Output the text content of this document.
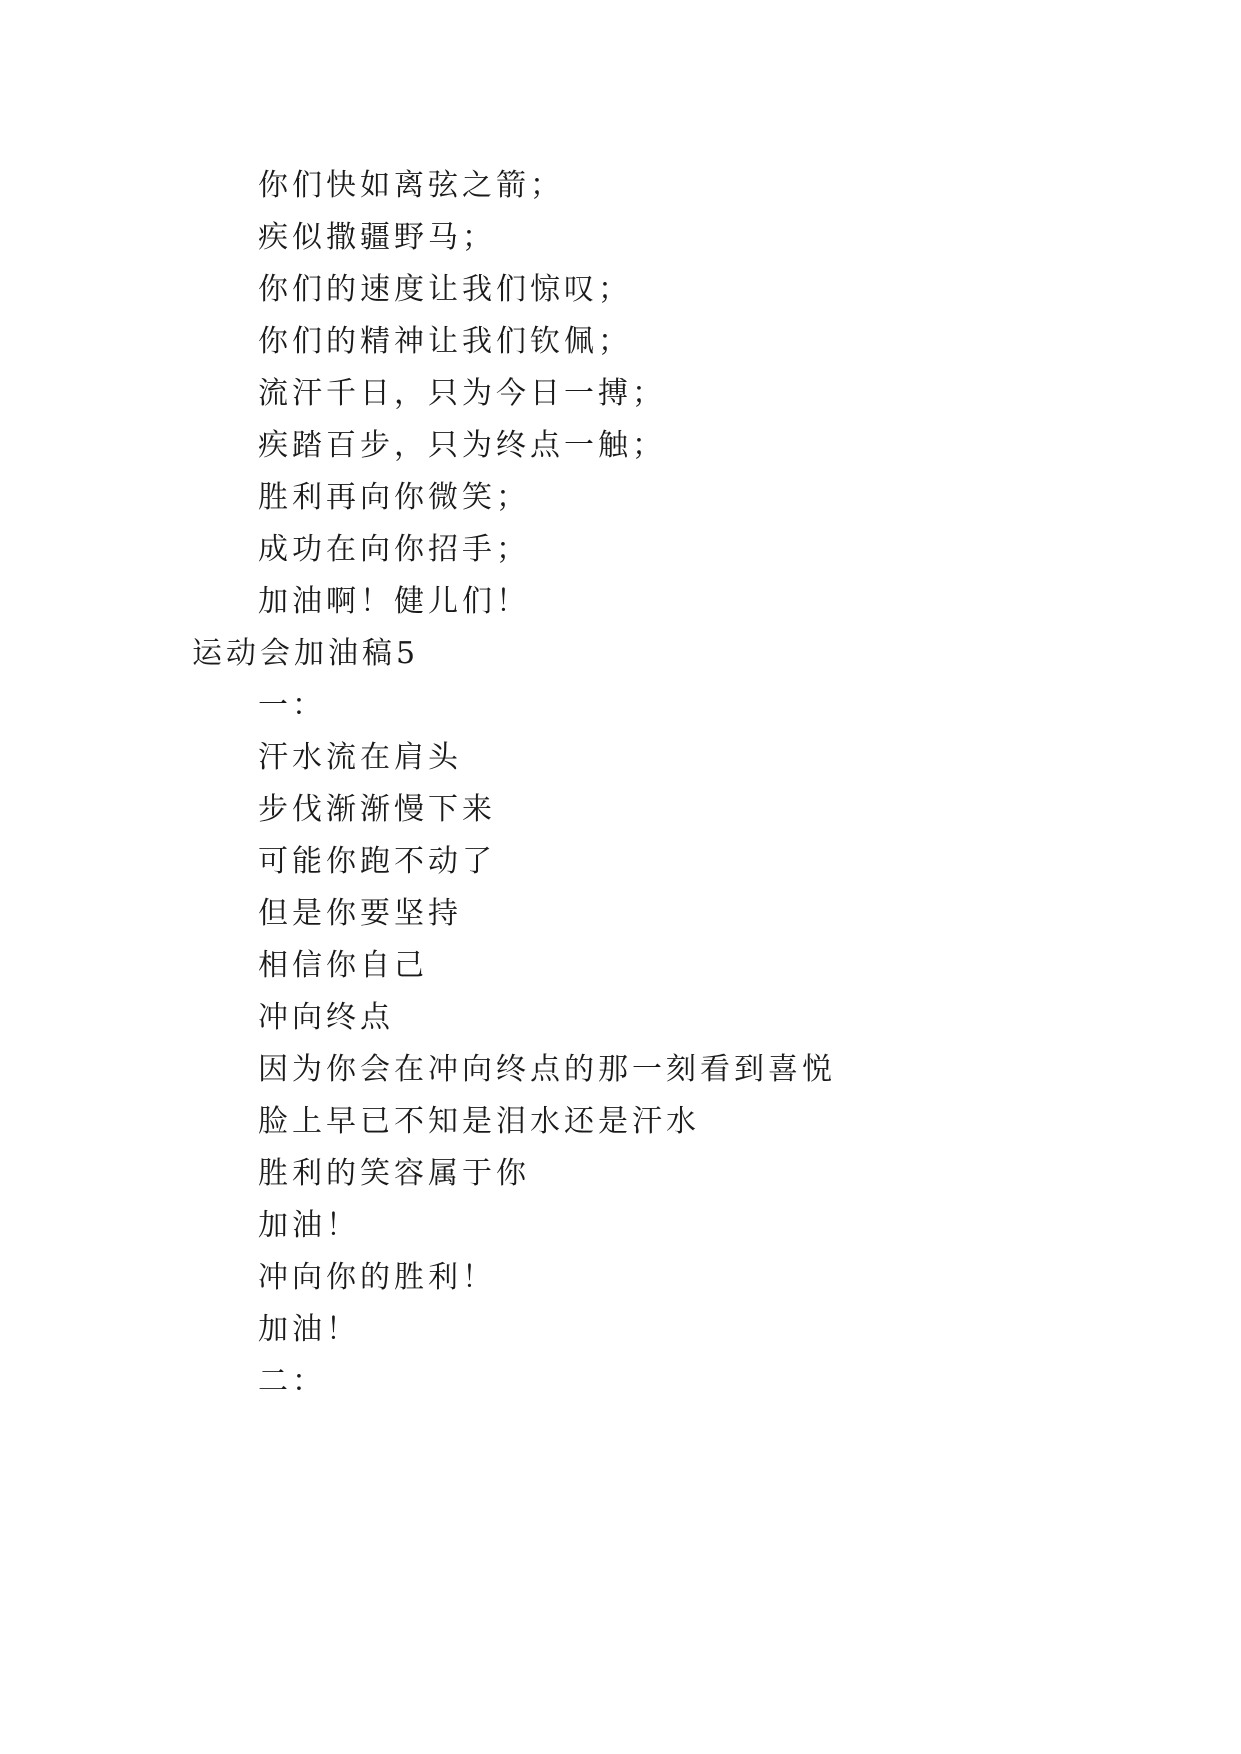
你们快如离弦之箭；
疾似撒疆野马；
你们的速度让我们惊叹；
你们的精神让我们钦佩；
流汗千日，只为今日一搏；
疾踏百步，只为终点一触；
胜利再向你微笑；
成功在向你招手；
加油啊！健儿们！
运动会加油稿5
一：
汗水流在肩头
步伐渐渐慢下来
可能你跑不动了
但是你要坚持
相信你自己
冲向终点
因为你会在冲向终点的那一刻看到喜悦
脸上早已不知是泪水还是汗水
胜利的笑容属于你
加油！
冲向你的胜利！
加油！
二：
